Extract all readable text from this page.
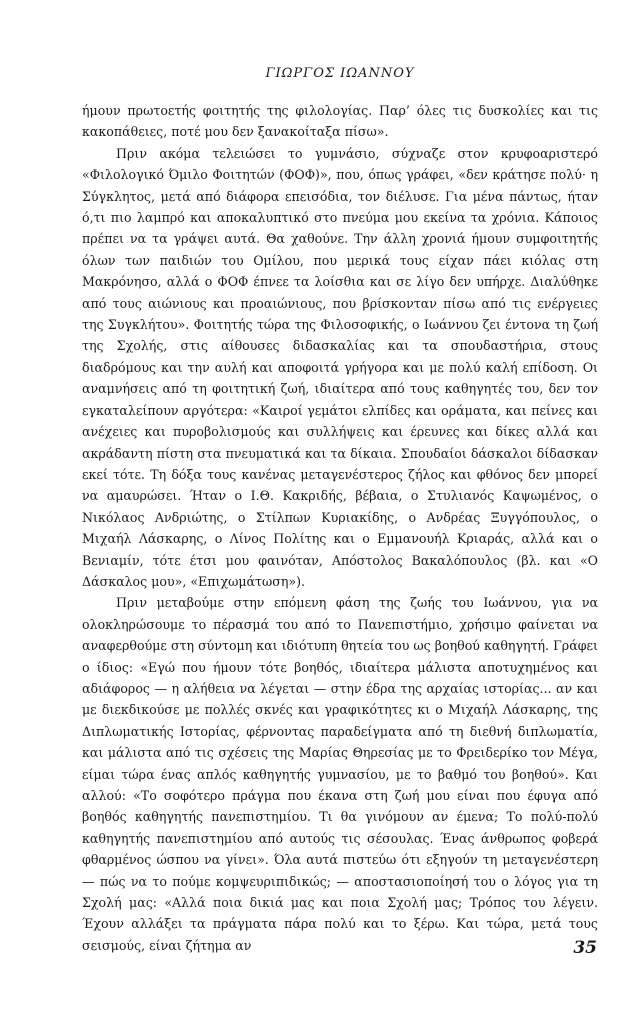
ΓΙΩΡΓΟΣ ΙΩΑΝΝΟΥ

ήμουν πρωτοετής φοιτητής της φιλολογίας. Παρ’ όλες τις δυσκολίες και τις κακοπάθειες, ποτέ μου δεν ξανακοίταξα πίσω».

Πριν ακόμα τελειώσει το γυμνάσιο, σύχναζε στον κρυφοαριστερό «Φιλολογικό Όμιλο Φοιτητών (ΦΟΦ)», που, όπως γράφει, «δεν κράτησε πολύ· η Σύγκλητος, μετά από διάφορα επεισόδια, τον διέλυσε. Για μένα πάντως, ήταν ό,τι πιο λαμπρό και αποκαλυπτικό στο πνεύμα μου εκείνα τα χρόνια. Κάποιος πρέπει να τα γράψει αυτά. Θα χαθούνε. Την άλλη χρονιά ήμουν συμφοιτητής όλων των παιδιών του Ομίλου, που μερικά τους είχαν πάει κιόλας στη Μακρόνησο, αλλά ο ΦΟΦ έπνεε τα λοίσθια και σε λίγο δεν υπήρχε. Διαλύθηκε από τους αιώνιους και προαιώνιους, που βρίσκονταν πίσω από τις ενέργειες της Συγκλήτου». Φοιτητής τώρα της Φιλοσοφικής, ο Ιωάννου ζει έντονα τη ζωή της Σχολής, στις αίθουσες διδασκαλίας και τα σπουδαστήρια, στους διαδρόμους και την αυλή και αποφοιτά γρήγορα και με πολύ καλή επίδοση. Οι αναμνήσεις από τη φοιτητική ζωή, ιδιαίτερα από τους καθηγητές του, δεν τον εγκαταλείπουν αργότερα: «Καιροί γεμάτοι ελπίδες και οράματα, και πείνες και ανέχειες και πυροβολισμούς και συλλήψεις και έρευνες και δίκες αλλά και ακράδαντη πίστη στα πνευματικά και τα δίκαια. Σπουδαίοι δάσκαλοι δίδασκαν εκεί τότε. Τη δόξα τους κανένας μεταγενέστερος ζήλος και φθόνος δεν μπορεί να αμαυρώσει. Ήταν ο Ι.Θ. Κακριδής, βέβαια, ο Στυλιανός Καψωμένος, ο Νικόλαος Ανδριώτης, ο Στίλπων Κυριακίδης, ο Ανδρέας Ξυγγόπουλος, ο Μιχαήλ Λάσκαρης, ο Λίνος Πολίτης και ο Εμμανουήλ Κριαράς, αλλά και ο Βενιαμίν, τότε έτσι μου φαινόταν, Απόστολος Βακαλόπουλος (βλ. και «Ο Δάσκαλος μου», «Επιχωμάτωση»).

Πριν μεταβούμε στην επόμενη φάση της ζωής του Ιωάννου, για να ολοκληρώσουμε το πέρασμά του από το Πανεπιστήμιο, χρήσιμο φαίνεται να αναφερθούμε στη σύντομη και ιδιότυπη θητεία του ως βοηθού καθηγητή. Γράφει ο ίδιος: «Εγώ που ήμουν τότε βοηθός, ιδιαίτερα μάλιστα αποτυχημένος και αδιάφορος — η αλήθεια να λέγεται — στην έδρα της αρχαίας ιστορίας... αν και με διεκδικούσε με πολλές σκνές και γραφικότητες κι ο Μιχαήλ Λάσκαρης, της Διπλωματικής Ιστορίας, φέρνοντας παραδείγματα από τη διεθνή διπλωματία, και μάλιστα από τις σχέσεις της Μαρίας Θηρεσίας με το Φρειδερίκο τον Μέγα, είμαι τώρα ένας απλός καθηγητής γυμνασίου, με το βαθμό του βοηθού». Και αλλού: «Το σοφότερο πράγμα που έκανα στη ζωή μου είναι που έφυγα από βοηθός καθηγητής πανεπιστημίου. Τι θα γινόμουν αν έμενα; Το πολύ-πολύ καθηγητής πανεπιστημίου από αυτούς τις σέσουλας. Ένας άνθρωπος φοβερά φθαρμένος ώσπου να γίνει». Όλα αυτά πιστεύω ότι εξηγούν τη μεταγενέστερη — πώς να το πούμε κομψευριπιδικώς; — αποστασιοποίησή του ο λόγος για τη Σχολή μας: «Αλλά ποια δικιά μας και ποια Σχολή μας; Τρόπος του λέγειν. Έχουν αλλάξει τα πράγματα πάρα πολύ και το ξέρω. Και τώρα, μετά τους σεισμούς, είναι ζήτημα αν	35
